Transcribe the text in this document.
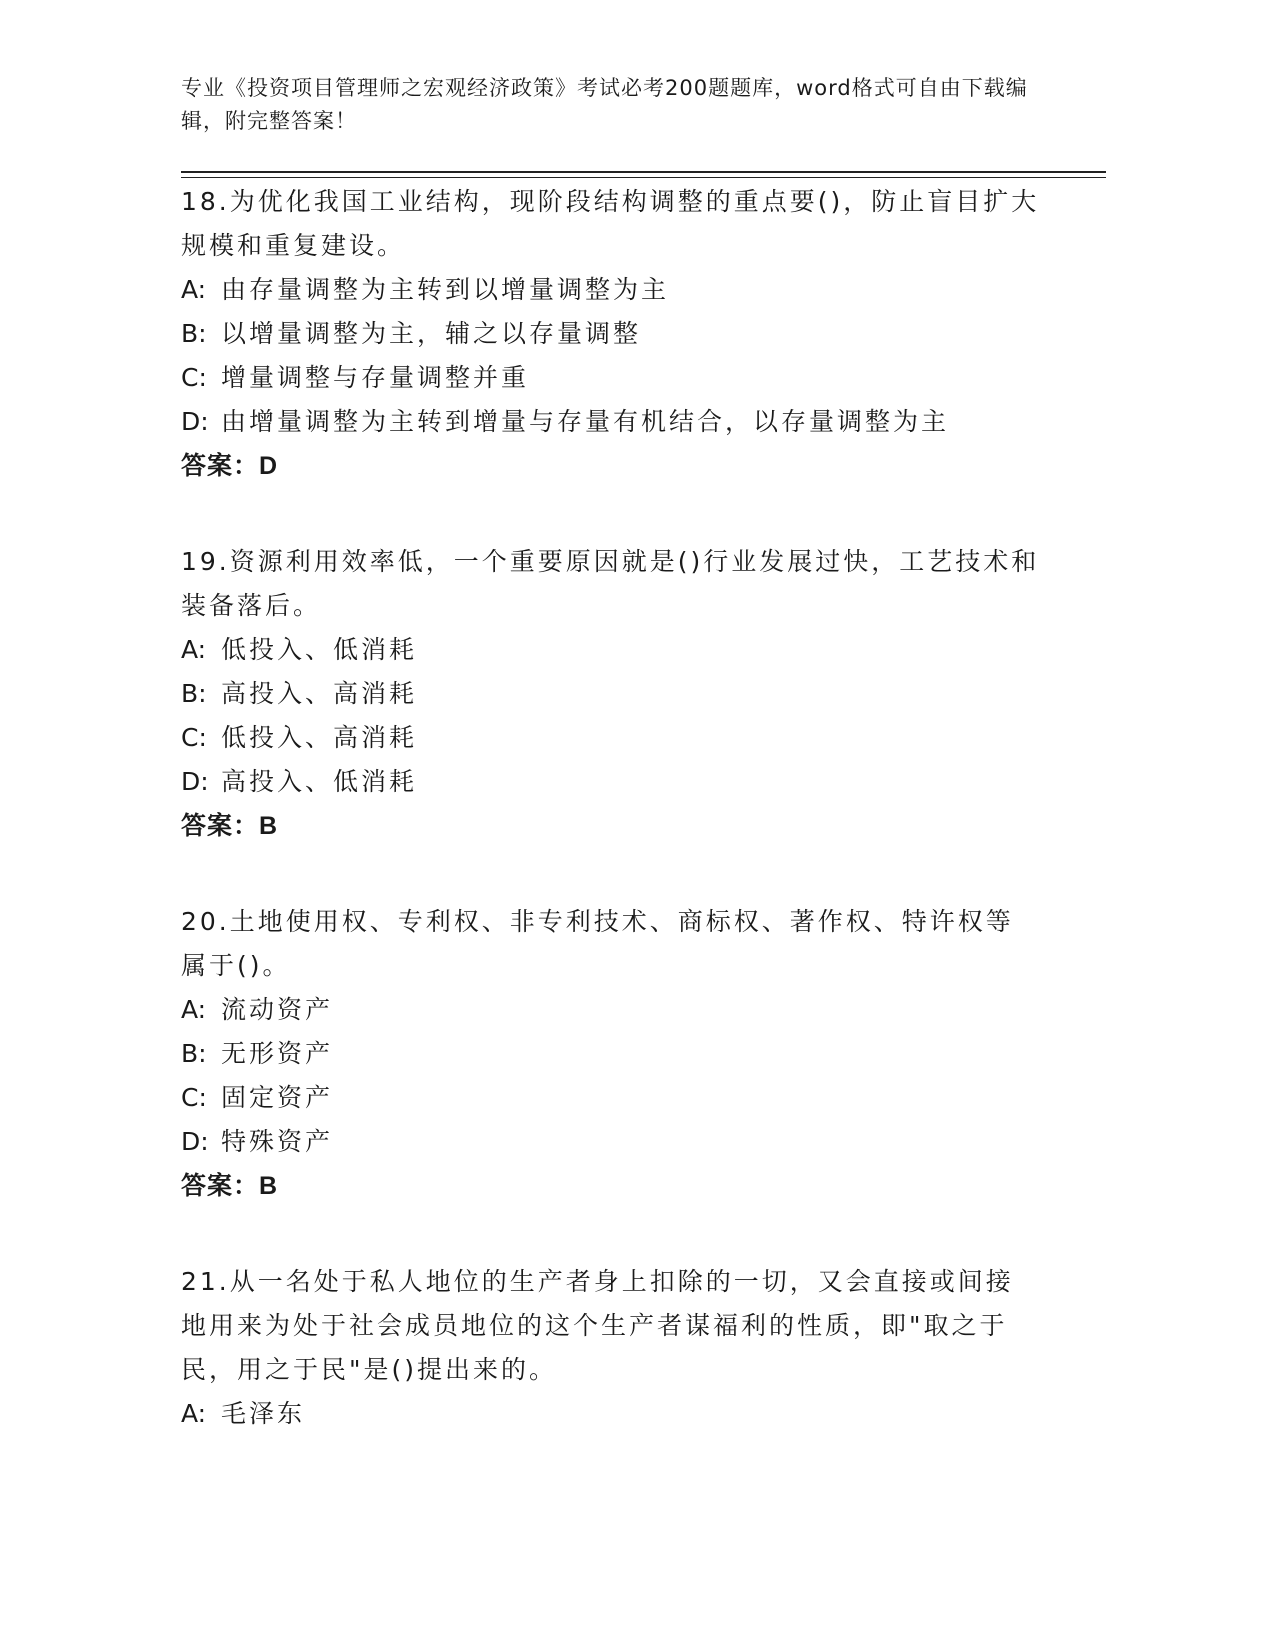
专业《投资项目管理师之宏观经济政策》考试必考200题题库，word格式可自由下载编辑，附完整答案！

18.为优化我国工业结构，现阶段结构调整的重点要()，防止盲目扩大规模和重复建设。

A: 由存量调整为主转到以增量调整为主

B: 以增量调整为主，辅之以存量调整

C: 增量调整与存量调整并重

D: 由增量调整为主转到增量与存量有机结合，以存量调整为主

答案：D

19.资源利用效率低，一个重要原因就是()行业发展过快，工艺技术和装备落后。

A: 低投入、低消耗

B: 高投入、高消耗

C: 低投入、高消耗

D: 高投入、低消耗

答案：B

20.土地使用权、专利权、非专利技术、商标权、著作权、特许权等属于()。

A: 流动资产

B: 无形资产

C: 固定资产

D: 特殊资产

答案：B

21.从一名处于私人地位的生产者身上扣除的一切，又会直接或间接地用来为处于社会成员地位的这个生产者谋福利的性质，即"取之于民，用之于民"是()提出来的。

A: 毛泽东
